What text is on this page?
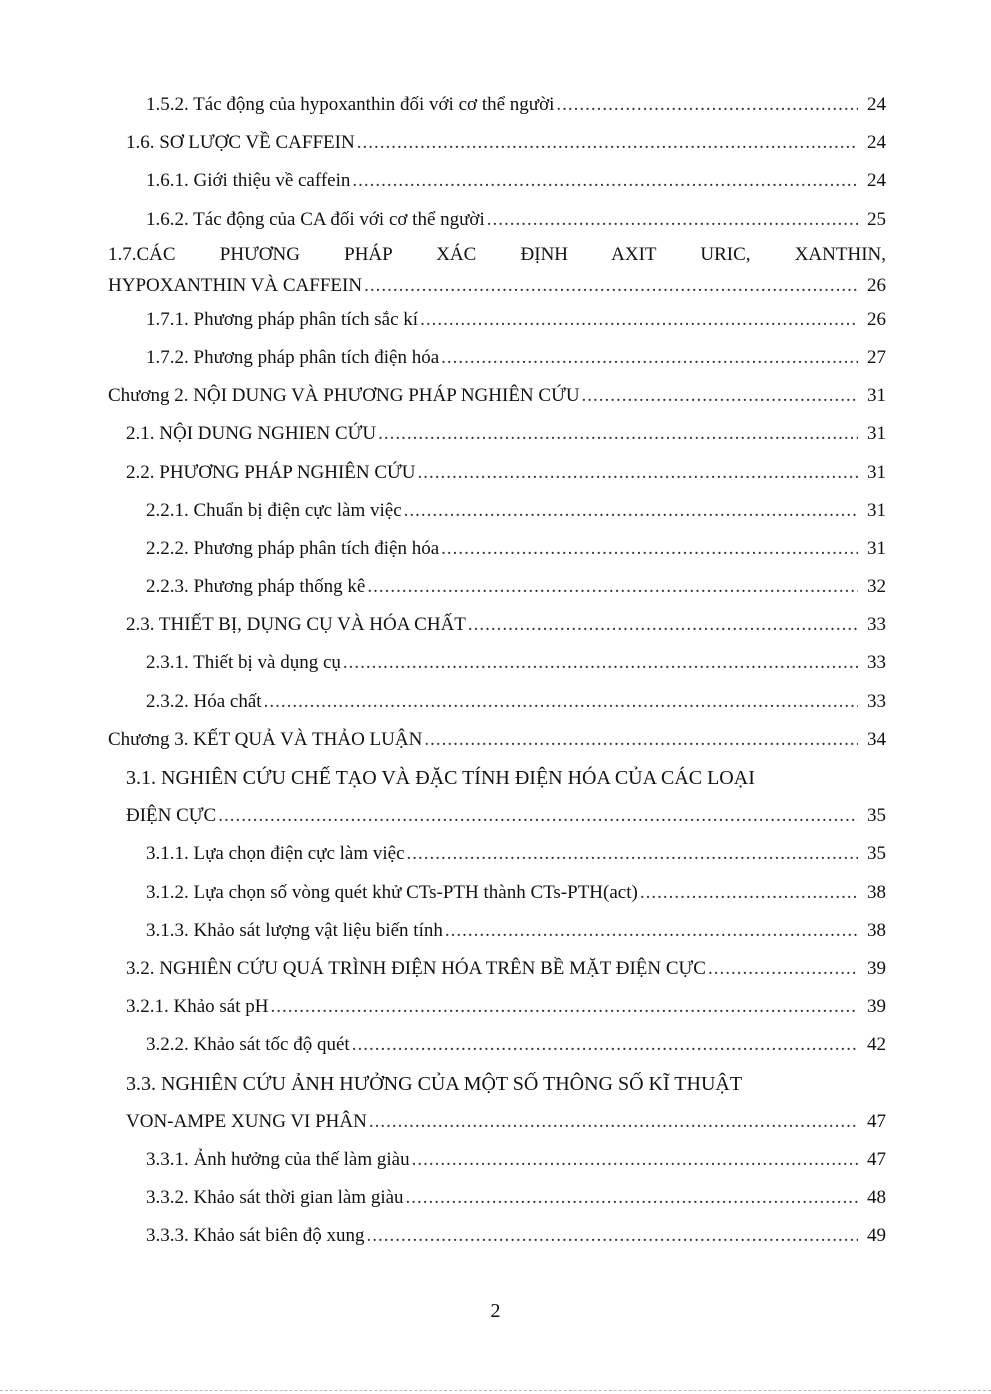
1.5.2. Tác động của hypoxanthin đối với cơ thể người .....	24
1.6. SƠ LƯỢC VỀ CAFFEIN .....	24
1.6.1. Giới thiệu về caffein .....	24
1.6.2. Tác động của CA đối với cơ thể người .....	25
1.7.CÁC PHƯƠNG PHÁP XÁC ĐỊNH AXIT URIC, XANTHIN,
HYPOXANTHIN VÀ CAFFEIN .....	26
1.7.1. Phương pháp phân tích sắc kí .....	26
1.7.2. Phương pháp phân tích điện hóa .....	27
Chương 2. NỘI DUNG VÀ PHƯƠNG PHÁP NGHIÊN CỨU .....	31
2.1. NỘI DUNG NGHIEN CỨU .....	31
2.2. PHƯƠNG PHÁP NGHIÊN CỨU .....	31
2.2.1. Chuẩn bị điện cực làm việc .....	31
2.2.2. Phương pháp phân tích điện hóa .....	31
2.2.3. Phương pháp thống kê .....	32
2.3. THIẾT BỊ, DỤNG CỤ VÀ HÓA CHẤT .....	33
2.3.1. Thiết bị và dụng cụ .....	33
2.3.2. Hóa chất .....	33
Chương 3. KẾT QUẢ VÀ THẢO LUẬN .....	34
3.1. NGHIÊN CỨU CHẾ TẠO VÀ ĐẶC TÍNH ĐIỆN HÓA CỦA CÁC LOẠI
ĐIỆN CỰC .....	35
3.1.1. Lựa chọn điện cực làm việc .....	35
3.1.2. Lựa chọn số vòng quét khử CTs-PTH thành CTs-PTH(act) .....	38
3.1.3. Khảo sát lượng vật liệu biến tính .....	38
3.2. NGHIÊN CỨU QUÁ TRÌNH ĐIỆN HÓA TRÊN BỀ MẶT ĐIỆN CỰC .....	39
3.2.1. Khảo sát pH .....	39
3.2.2. Khảo sát tốc độ quét .....	42
3.3. NGHIÊN CỨU ẢNH HƯỞNG CỦA MỘT SỐ THÔNG SỐ KĨ THUẬT
VON-AMPE XUNG VI PHÂN .....	47
3.3.1. Ảnh hưởng của thế làm giàu .....	47
3.3.2. Khảo sát thời gian làm giàu .....	48
3.3.3. Khảo sát biên độ xung .....	49
2
